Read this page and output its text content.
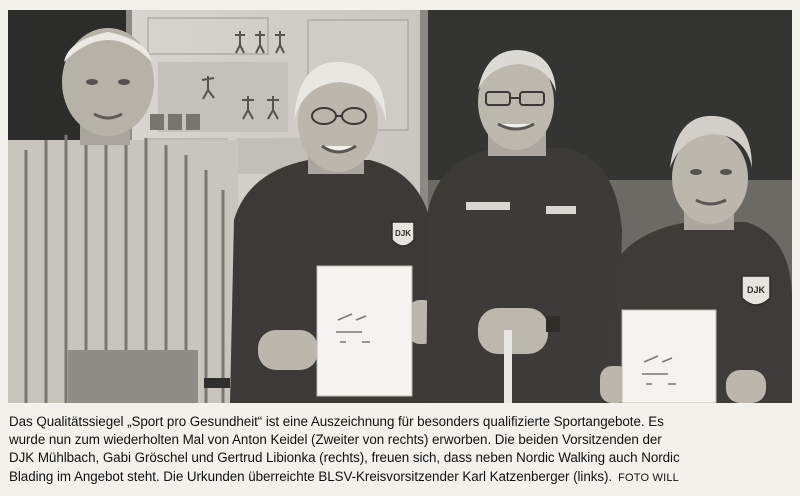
DJK
DJK
Das Qualitätssiegel „Sport pro Gesundheit“ ist eine Auszeichnung für besonders qualifizierte Sportangebote. Es
wurde nun zum wiederholten Mal von Anton Keidel (Zweiter von rechts) erworben. Die beiden Vorsitzenden der
DJK Mühlbach, Gabi Gröschel und Gertrud Libionka (rechts), freuen sich, dass neben Nordic Walking auch Nordic
Blading im Angebot steht. Die Urkunden überreichte BLSV-Kreisvorsitzender Karl Katzenberger (links). FOTO WILL
